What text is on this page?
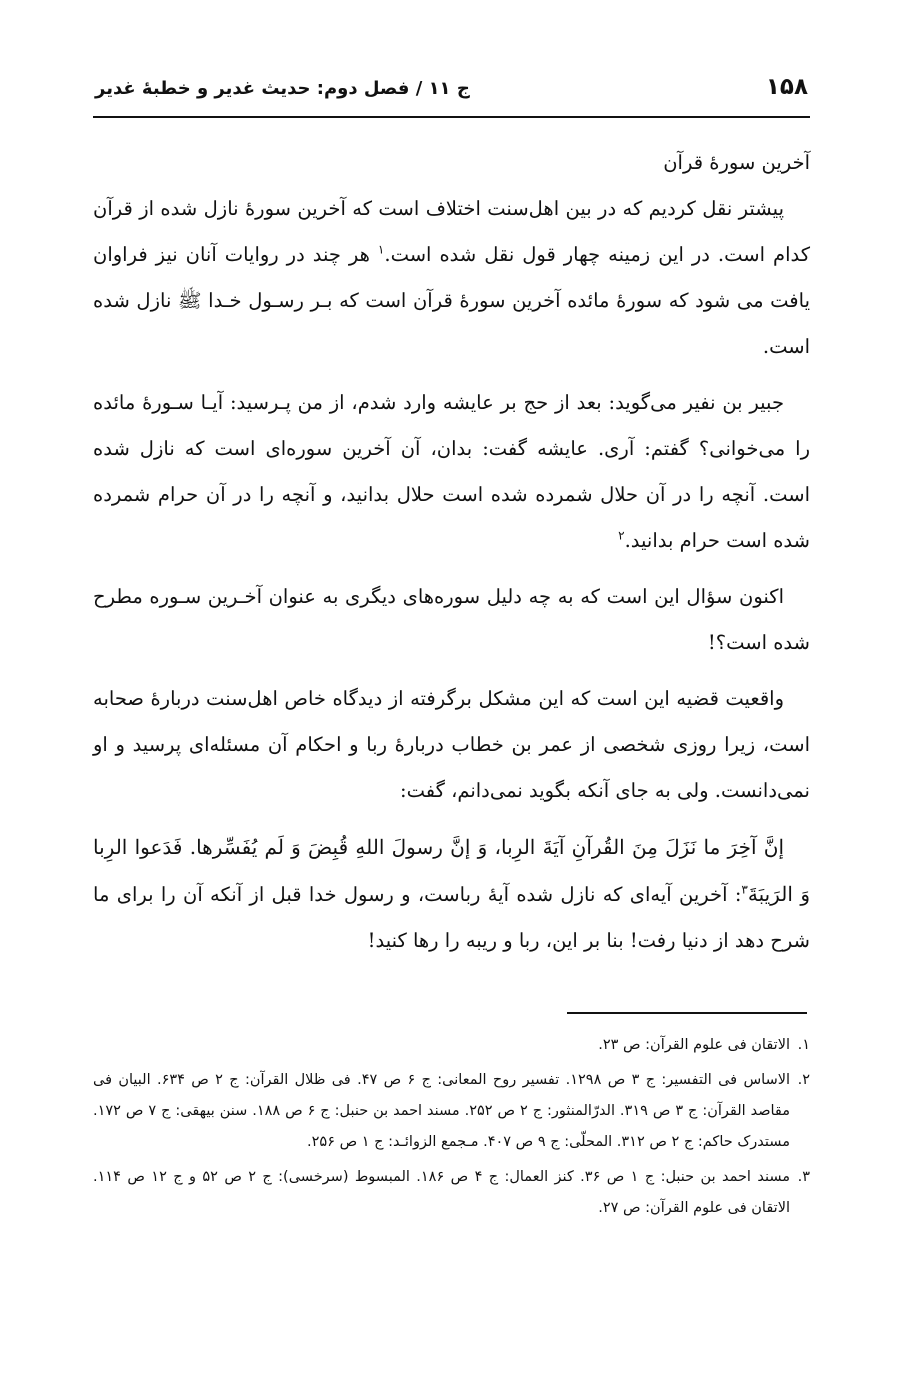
۱۵۸
ج ۱۱ / فصل دوم: حدیث غدیر و خطبهٔ غدیر

آخرین سورهٔ قرآن

پیشتر نقل کردیم که در بین اهل‌سنت اختلاف است که آخرین سورهٔ نازل شده از قرآن کدام است. در این زمینه چهار قول نقل شده است.$^۱$ هر چند در روایات آنان نیز فراوان یافت می شود که سورهٔ مائده آخرین سورهٔ قرآن است که بـر رسـول خـدا ﷺ نازل شده است.

جبیر بن نفیر می‌گوید: بعد از حج بر عایشه وارد شدم، از من پـرسید: آیـا سـورهٔ مائده را می‌خوانی؟ گفتم: آری. عایشه گفت: بدان، آن آخرین سوره‌ای است که نازل شده است. آنچه را در آن حلال شمرده شده است حلال بدانید، و آنچه را در آن حرام شمرده شده است حرام بدانید.$^۲$

اکنون سؤال این است که به چه دلیل سوره‌های دیگری به عنوان آخـرین سـوره مطرح شده است؟!

واقعیت قضیه این است که این مشکل برگرفته از دیدگاه خاص اهل‌سنت دربارهٔ صحابه است، زیرا روزی شخصی از عمر بن خطاب دربارهٔ ربا و احکام آن مسئله‌ای پرسید و او نمی‌دانست. ولی به جای آنکه بگوید نمی‌دانم، گفت:

إنَّ آخِرَ ما نَزَلَ مِنَ القُرآنِ آيَةَ الرِبا، وَ إنَّ رسولَ اللهِ قُبِضَ وَ لَم يُفَسِّرها. فَدَعوا الرِبا وَ الرَيبَةَ$^۳$: آخرین آیه‌ای که نازل شده آیهٔ رباست، و رسول خدا قبل از آنکه آن را برای ما شرح دهد از دنیا رفت! بنا بر این، ربا و ریبه را رها کنید!

۱.
الاتقان فی علوم القرآن: ص ۲۳.

۲.
الاساس فی التفسیر: ج ۳ ص ۱۲۹۸. تفسیر روح المعانی: ج ۶ ص ۴۷. فی ظلال القرآن: ج ۲ ص ۶۳۴. البیان فی مقاصد القرآن: ج ۳ ص ۳۱۹. الدرّالمنثور: ج ۲ ص ۲۵۲. مسند احمد بن حنبل: ج ۶ ص ۱۸۸. سنن بیهقی: ج ۷ ص ۱۷۲. مستدرک حاکم: ج ۲ ص ۳۱۲. المحلّی: ج ۹ ص ۴۰۷. مـجمع الزوائـد: ج ۱ ص ۲۵۶.

۳.
مسند احمد بن حنبل: ج ۱ ص ۳۶. کنز العمال: ج ۴ ص ۱۸۶. المبسوط (سرخسی): ج ۲ ص ۵۲ و ج ۱۲ ص ۱۱۴. الاتقان فی علوم القرآن: ص ۲۷.
